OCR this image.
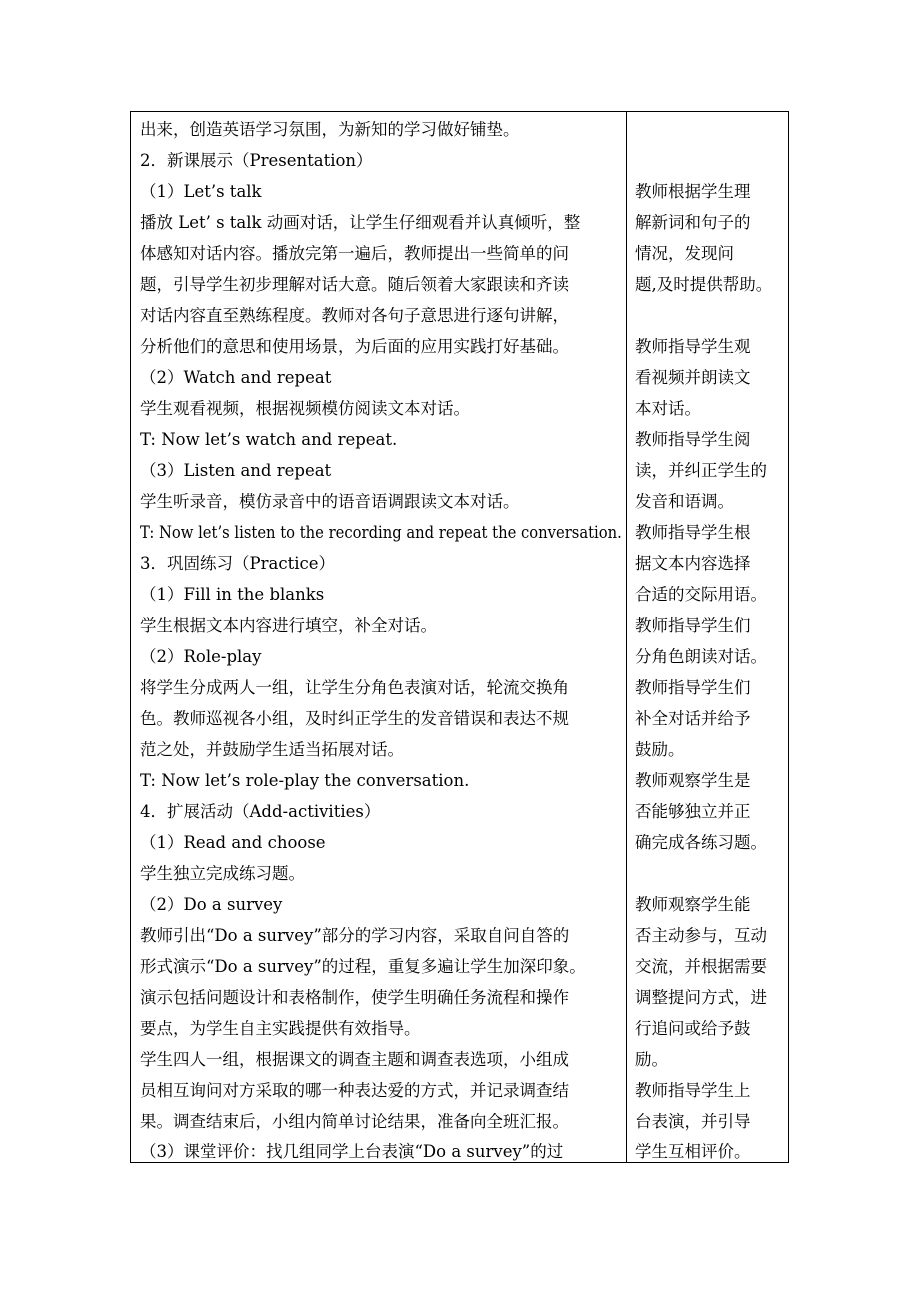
出来，创造英语学习氛围，为新知的学习做好铺垫。
2．新课展示（Presentation）
（1）Let’s talk
播放 Let’ s talk 动画对话，让学生仔细观看并认真倾听，整
体感知对话内容。播放完第一遍后，教师提出一些简单的问
题，引导学生初步理解对话大意。随后领着大家跟读和齐读
对话内容直至熟练程度。教师对各句子意思进行逐句讲解，
分析他们的意思和使用场景，为后面的应用实践打好基础。
（2）Watch and repeat
学生观看视频，根据视频模仿阅读文本对话。
T: Now let’s watch and repeat.
（3）Listen and repeat
学生听录音，模仿录音中的语音语调跟读文本对话。
T: Now let’s listen to the recording and repeat the conversation.
3．巩固练习（Practice）
（1）Fill in the blanks
学生根据文本内容进行填空，补全对话。
（2）Role-play
将学生分成两人一组，让学生分角色表演对话，轮流交换角
色。教师巡视各小组，及时纠正学生的发音错误和表达不规
范之处，并鼓励学生适当拓展对话。
T: Now let’s role-play the conversation.
4．扩展活动（Add-activities）
（1）Read and choose
学生独立完成练习题。
（2）Do a survey
教师引出“Do a survey”部分的学习内容，采取自问自答的
形式演示“Do a survey”的过程，重复多遍让学生加深印象。
演示包括问题设计和表格制作，使学生明确任务流程和操作
要点，为学生自主实践提供有效指导。
学生四人一组，根据课文的调查主题和调查表选项，小组成
员相互询问对方采取的哪一种表达爱的方式，并记录调查结
果。调查结束后，小组内简单讨论结果，准备向全班汇报。
（3）课堂评价：找几组同学上台表演“Do a survey”的过
教师根据学生理
解新词和句子的
情况，发现问
题,及时提供帮助。
教师指导学生观
看视频并朗读文
本对话。
教师指导学生阅
读，并纠正学生的
发音和语调。
教师指导学生根
据文本内容选择
合适的交际用语。
教师指导学生们
分角色朗读对话。
教师指导学生们
补全对话并给予
鼓励。
教师观察学生是
否能够独立并正
确完成各练习题。
教师观察学生能
否主动参与，互动
交流，并根据需要
调整提问方式，进
行追问或给予鼓
励。
教师指导学生上
台表演，并引导
学生互相评价。
